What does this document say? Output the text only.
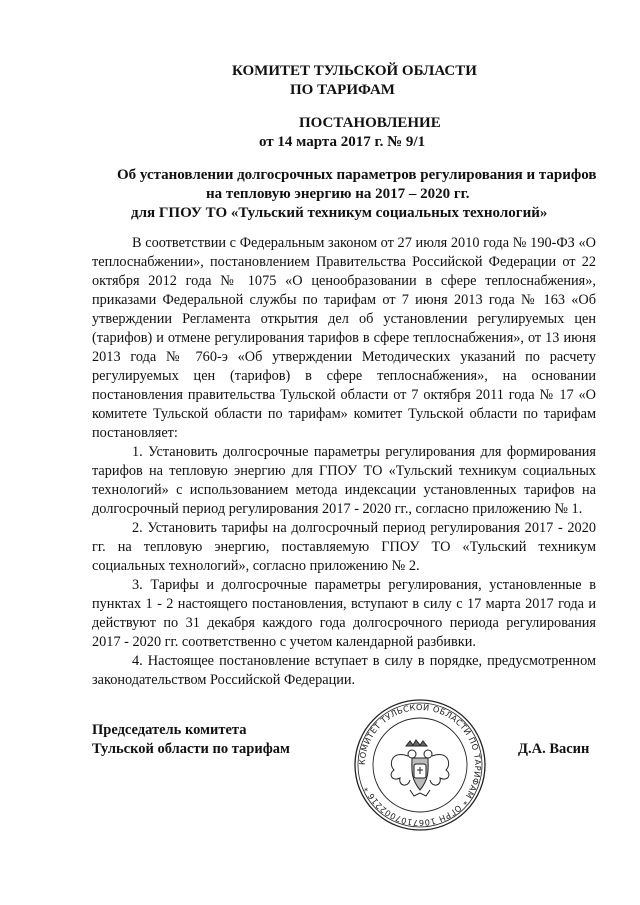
КОМИТЕТ ТУЛЬСКОЙ ОБЛАСТИ
ПО ТАРИФАМ
ПОСТАНОВЛЕНИЕ
от 14 марта 2017 г. № 9/1
Об установлении долгосрочных параметров регулирования и тарифов
на тепловую энергию на 2017 – 2020 гг.
для ГПОУ ТО «Тульский техникум социальных технологий»

В соответствии с Федеральным законом от 27 июля 2010 года № 190-ФЗ «О теплоснабжении», постановлением Правительства Российской Федерации от 22 октября 2012 года № 1075 «О ценообразовании в сфере теплоснабжения», приказами Федеральной службы по тарифам от 7 июня 2013 года № 163 «Об утверждении Регламента открытия дел об установлении регулируемых цен (тарифов) и отмене регулирования тарифов в сфере теплоснабжения», от 13 июня 2013 года № 760-э «Об утверждении Методических указаний по расчету регулируемых цен (тарифов) в сфере теплоснабжения», на основании постановления правительства Тульской области от 7 октября 2011 года № 17 «О комитете Тульской области по тарифам» комитет Тульской области по тарифам постановляет:

1. Установить долгосрочные параметры регулирования для формирования тарифов на тепловую энергию для ГПОУ ТО «Тульский техникум социальных технологий» с использованием метода индексации установленных тарифов на долгосрочный период регулирования 2017 - 2020 гг., согласно приложению № 1.

2. Установить тарифы на долгосрочный период регулирования 2017 - 2020 гг. на тепловую энергию, поставляемую ГПОУ ТО «Тульский техникум социальных технологий», согласно приложению № 2.

3. Тарифы и долгосрочные параметры регулирования, установленные в пунктах 1 - 2 настоящего постановления, вступают в силу с 17 марта 2017 года и действуют по 31 декабря каждого года долгосрочного периода регулирования 2017 - 2020 гг. соответственно с учетом календарной разбивки.

4. Настоящее постановление вступает в силу в порядке, предусмотренном законодательством Российской Федерации.

Председатель комитета
Тульской области по тарифам	Д.А. Васин
КОМИТЕТ ТУЛЬСКОЙ ОБЛАСТИ ПО ТАРИФАМ * ОГРН 1067107002216 *
